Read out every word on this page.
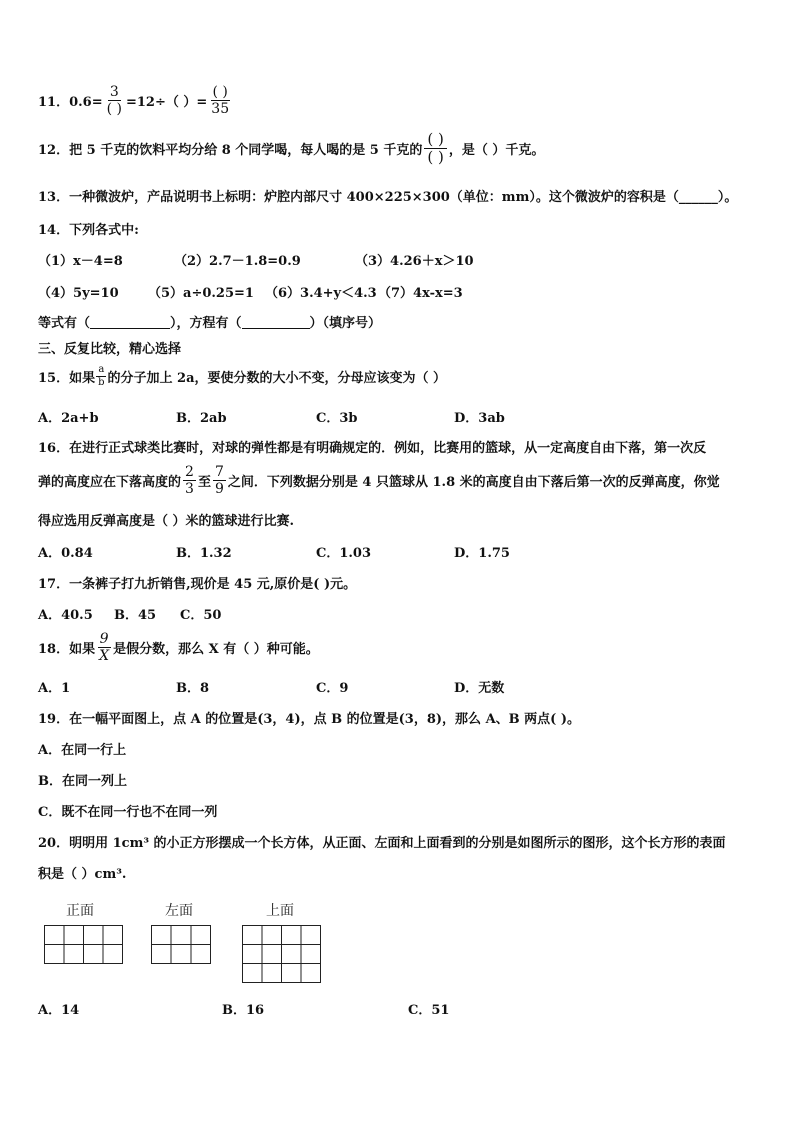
11．$0.6= \frac{3}{( )} =12\div$（ ）= $\frac{( )}{35}$
12．把 5 千克的饮料平均分给 8 个同学喝，每人喝的是 5 千克的 $\frac{( )}{( )}$ ，是（ ）千克。
13．一种微波炉，产品说明书上标明：炉腔内部尺寸 400×225×300（单位：mm）。这个微波炉的容积是（______）。
14．下列各式中:
（1）x－4=8	（2）2.7－1.8=0.9	（3）4.26＋x＞10
（4）5y=10 （5）a÷0.25=1 （6）3.4+y＜4.3 （7）4x-x=3
等式有（	），方程有（	）（填序号）
三、反复比较，精心选择
15．如果 $\frac{a}{b}$ 的分子加上 2a，要使分数的大小不变，分母应该变为（ ）
A．2a+b	B．2ab	C．3b	D．3ab
16．在进行正式球类比赛时，对球的弹性都是有明确规定的．例如，比赛用的篮球，从一定高度自由下落，第一次反
弹的高度应在下落高度的 $\frac{2}{3}$ 至 $\frac{7}{9}$ 之间．下列数据分别是 4 只篮球从 1.8 米的高度自由下落后第一次的反弹高度，你觉
得应选用反弹高度是（ ）米的篮球进行比赛.
A．0.84	B．1.32	C．1.03	D．1.75
17．一条裤子打九折销售,现价是 45 元,原价是( )元。
A．40.5 B．45 C．50
18．如果 $\frac{9}{X}$ 是假分数，那么 X 有（ ）种可能。
A．1	B．8	C．9	D．无数
19．在一幅平面图上，点 A 的位置是(3，4)，点 B 的位置是(3，8)，那么 A、B 两点( )。
A．在同一行上
B．在同一列上
C．既不在同一行也不在同一列
20．明明用 1cm³ 的小正方形摆成一个长方体，从正面、左面和上面看到的分别是如图所示的图形，这个长方形的表面
积是（ ）cm³.
正面	左面	上面
A．14	B．16	C．51
